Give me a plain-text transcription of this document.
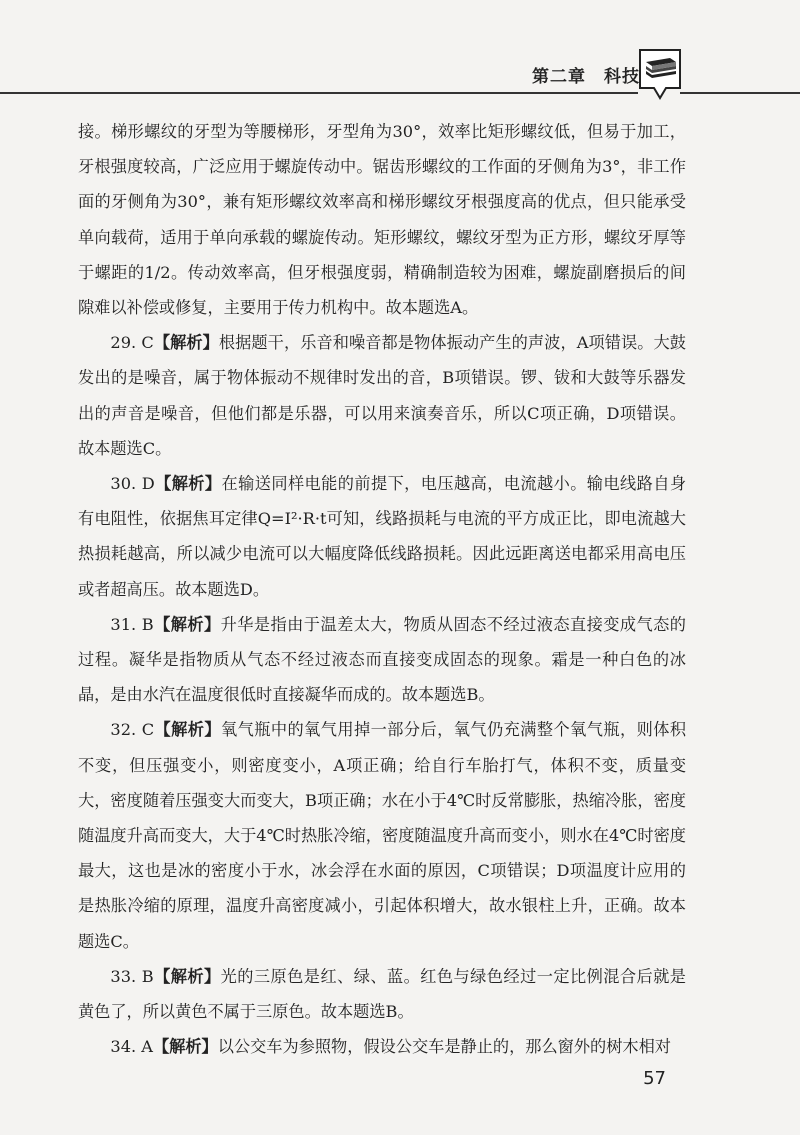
第二章　科技

接。梯形螺纹的牙型为等腰梯形，牙型角为30°，效率比矩形螺纹低，但易于加工，牙根强度较高，广泛应用于螺旋传动中。锯齿形螺纹的工作面的牙侧角为3°，非工作面的牙侧角为30°，兼有矩形螺纹效率高和梯形螺纹牙根强度高的优点，但只能承受单向载荷，适用于单向承载的螺旋传动。矩形螺纹，螺纹牙型为正方形，螺纹牙厚等于螺距的1/2。传动效率高，但牙根强度弱，精确制造较为困难，螺旋副磨损后的间隙难以补偿或修复，主要用于传力机构中。故本题选A。

29. C【解析】根据题干，乐音和噪音都是物体振动产生的声波，A项错误。大鼓发出的是噪音，属于物体振动不规律时发出的音，B项错误。锣、钹和大鼓等乐器发出的声音是噪音，但他们都是乐器，可以用来演奏音乐，所以C项正确，D项错误。故本题选C。

30. D【解析】在输送同样电能的前提下，电压越高，电流越小。输电线路自身有电阻性，依据焦耳定律Q=I²·R·t可知，线路损耗与电流的平方成正比，即电流越大热损耗越高，所以减少电流可以大幅度降低线路损耗。因此远距离送电都采用高电压或者超高压。故本题选D。

31. B【解析】升华是指由于温差太大，物质从固态不经过液态直接变成气态的过程。凝华是指物质从气态不经过液态而直接变成固态的现象。霜是一种白色的冰晶，是由水汽在温度很低时直接凝华而成的。故本题选B。

32. C【解析】氧气瓶中的氧气用掉一部分后，氧气仍充满整个氧气瓶，则体积不变，但压强变小，则密度变小，A项正确；给自行车胎打气，体积不变，质量变大，密度随着压强变大而变大，B项正确；水在小于4℃时反常膨胀，热缩冷胀，密度随温度升高而变大，大于4℃时热胀冷缩，密度随温度升高而变小，则水在4℃时密度最大，这也是冰的密度小于水，冰会浮在水面的原因，C项错误；D项温度计应用的是热胀冷缩的原理，温度升高密度减小，引起体积增大，故水银柱上升，正确。故本题选C。

33. B【解析】光的三原色是红、绿、蓝。红色与绿色经过一定比例混合后就是黄色了，所以黄色不属于三原色。故本题选B。

34. A【解析】以公交车为参照物，假设公交车是静止的，那么窗外的树木相对

57
